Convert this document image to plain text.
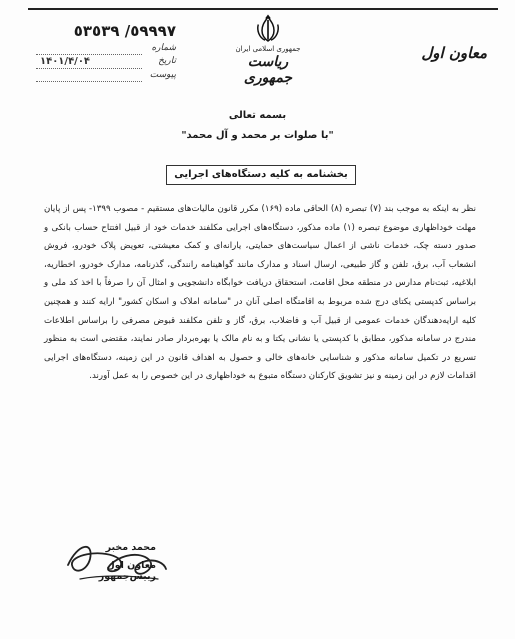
٥٩٩٩٧/ ٥٣٥٣٩
شماره
تاریخ
۱۴۰۱/۴/۰۴
پیوست
جمهوری اسلامی ایران
ریاست جمهوری
معاون اول
بسمه تعالی
"با صلوات بر محمد و آل محمد"
بخشنامه به کلیه دستگاه‌های اجرایی
نظر به اینکه به موجب بند (۷) تبصره (۸) الحاقی ماده (۱۶۹) مکرر قانون مالیات‌های مستقیم - مصوب ۱۳۹۹- پس از پایان مهلت خوداظهاری موضوع تبصره (۱) ماده مذکور، دستگاه‌های اجرایی مکلفند خدمات خود از قبیل افتتاح حساب بانکی و صدور دسته چک، خدمات ناشی از اعمال سیاست‌های حمایتی، یارانه‌ای و کمک معیشتی، تعویض پلاک خودرو، فروش انشعاب آب، برق، تلفن و گاز طبیعی، ارسال اسناد و مدارک مانند گواهینامه رانندگی، گذرنامه، مدارک خودرو، اخطاریه، ابلاغیه، ثبت‌نام مدارس در منطقه محل اقامت، استحقاق دریافت خوابگاه دانشجویی و امثال آن را صرفاً با اخذ کد ملی و براساس کدپستی یکتای درج شده مربوط به اقامتگاه اصلی آنان در "سامانه املاک و اسکان کشور" ارایه کنند و همچنین کلیه ارایه‌دهندگان خدمات عمومی از قبیل آب و فاضلاب، برق، گاز و تلفن مکلفند قبوض مصرفی را براساس اطلاعات مندرج در سامانه مذکور، مطابق با کدپستی یا نشانی یکتا و به نام مالک یا بهره‌بردار صادر نمایند، مقتضی است به منظور تسریع در تکمیل سامانه مذکور و شناسایی خانه‌های خالی و حصول به اهداف قانون در این زمینه، دستگاه‌های اجرایی اقدامات لازم در این زمینه و نیز تشویق کارکنان دستگاه متبوع به خوداظهاری در این خصوص را به عمل آورند.
محمد مخبر
معاون اول رییس‌جمهور
